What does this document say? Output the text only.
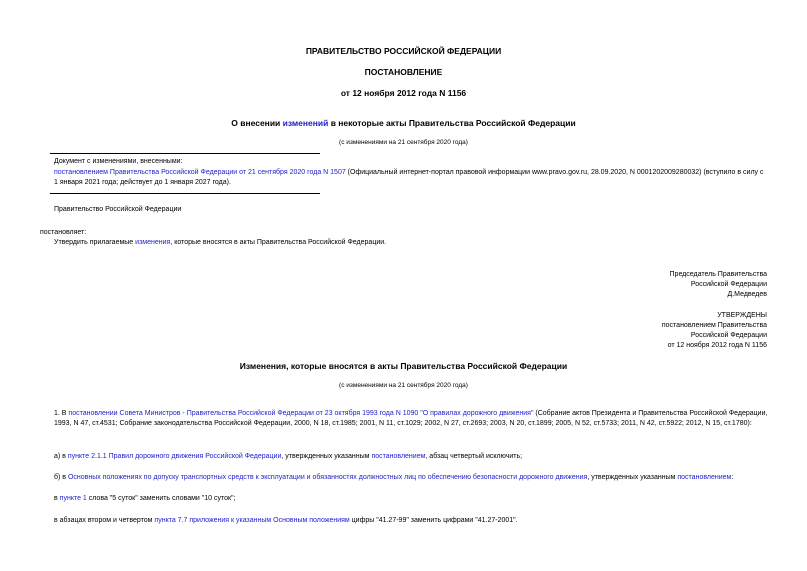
ПРАВИТЕЛЬСТВО РОССИЙСКОЙ ФЕДЕРАЦИИ
ПОСТАНОВЛЕНИЕ
от 12 ноября 2012 года N 1156
О внесении изменений в некоторые акты Правительства Российской Федерации
(с изменениями на 21 сентября 2020 года)

Документ с изменениями, внесенными:

постановлением Правительства Российской Федерации от 21 сентября 2020 года N 1507 (Официальный интернет-портал правовой информации www.pravo.gov.ru, 28.09.2020, N 0001202009280032) (вступило в силу с 1 января 2021 года; действует до 1 января 2027 года).

Правительство Российской Федерации
постановляет:
Утвердить прилагаемые изменения, которые вносятся в акты Правительства Российской Федерации.

Председатель Правительства

Российской Федерации

Д.Медведев

УТВЕРЖДЕНЫ

постановлением Правительства

Российской Федерации

от 12 ноября 2012 года N 1156

Изменения, которые вносятся в акты Правительства Российской Федерации
(с изменениями на 21 сентября 2020 года)
1. В постановлении Совета Министров - Правительства Российской Федерации от 23 октября 1993 года N 1090 "О правилах дорожного движения" (Собрание актов Президента и Правительства Российской Федерации, 1993, N 47, ст.4531; Собрание законодательства Российской Федерации, 2000, N 18, ст.1985; 2001, N 11, ст.1029; 2002, N 27, ст.2693; 2003, N 20, ст.1899; 2005, N 52, ст.5733; 2011, N 42, ст.5922; 2012, N 15, ст.1780):
а) в пункте 2.1.1 Правил дорожного движения Российской Федерации, утвержденных указанным постановлением, абзац четвертый исключить;
б) в Основных положениях по допуску транспортных средств к эксплуатации и обязанностях должностных лиц по обеспечению безопасности дорожного движения, утвержденных указанным постановлением:
в пункте 1 слова "5 суток" заменить словами "10 суток";
в абзацах втором и четвертом пункта 7.7 приложения к указанным Основным положениям цифры "41.27-99" заменить цифрами "41.27-2001".
